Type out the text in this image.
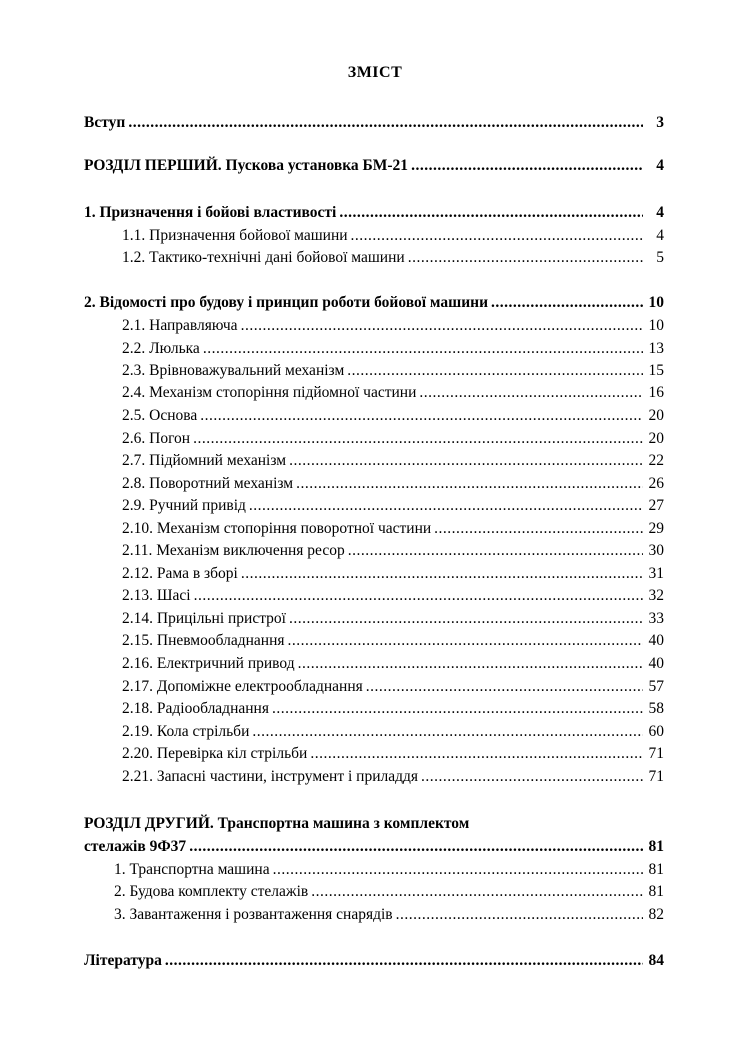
ЗМІСТ
Вступ .....	3
РОЗДІЛ ПЕРШИЙ. Пускова установка БМ-21 .....	4
1. Призначення і бойові властивості .....	4
1.1. Призначення бойової машини .....	4
1.2. Тактико-технічні дані бойової машини .....	5
2. Відомості про будову і принцип роботи бойової машини .....	10
2.1. Направляюча .....	10
2.2. Люлька .....	13
2.3. Врівноважувальний механізм .....	15
2.4. Механізм стопоріння підйомної частини .....	16
2.5. Основа .....	20
2.6. Погон .....	20
2.7. Підйомний механізм .....	22
2.8. Поворотний механізм .....	26
2.9. Ручний привід .....	27
2.10. Механізм стопоріння поворотної частини .....	29
2.11. Механізм виключення ресор .....	30
2.12. Рама в зборі .....	31
2.13. Шасі .....	32
2.14. Прицільні пристрої .....	33
2.15. Пневмообладнання .....	40
2.16. Електричний привод .....	40
2.17. Допоміжне електрообладнання .....	57
2.18. Радіообладнання .....	58
2.19. Кола стрільби .....	60
2.20. Перевірка кіл стрільби .....	71
2.21. Запасні частини, інструмент і приладдя .....	71
РОЗДІЛ ДРУГИЙ. Транспортна машина з комплектом
стелажів 9Ф37 .....	81
1. Транспортна машина .....	81
2. Будова комплекту стелажів .....	81
3. Завантаження і розвантаження снарядів .....	82
Література .....	84
